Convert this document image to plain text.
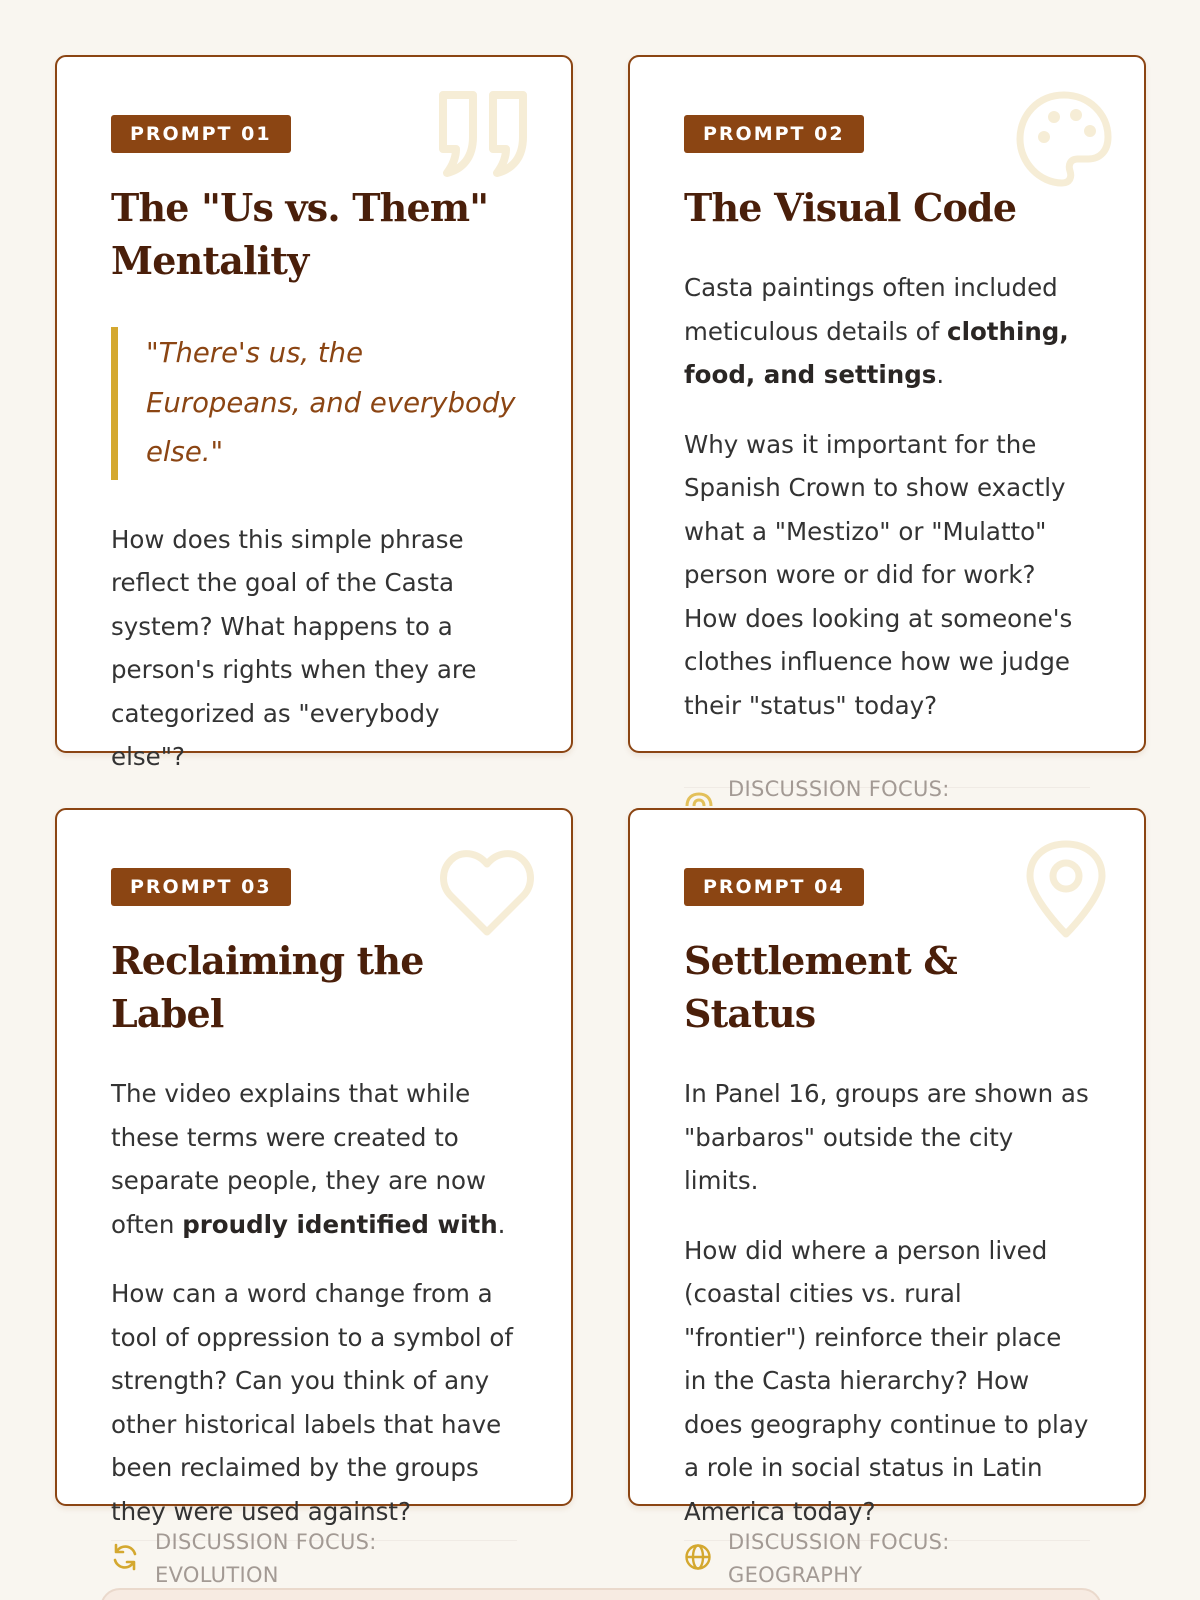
PROMPT 01
The "Us vs. Them" Mentality
"There's us, the Europeans, and everybody else."
How does this simple phrase reflect the goal of the Casta system? What happens to a person's rights when they are categorized as "everybody else"?
PROMPT 02
The Visual Code
Casta paintings often included meticulous details of clothing, food, and settings.
Why was it important for the Spanish Crown to show exactly what a "Mestizo" or "Mulatto" person wore or did for work? How does looking at someone's clothes influence how we judge their "status" today?
DISCUSSION FOCUS:
PROMPT 03
Reclaiming the Label
The video explains that while these terms were created to separate people, they are now often proudly identified with.
How can a word change from a tool of oppression to a symbol of strength? Can you think of any other historical labels that have been reclaimed by the groups they were used against?
DISCUSSION FOCUS:
EVOLUTION
PROMPT 04
Settlement & Status
In Panel 16, groups are shown as "barbaros" outside the city limits.
How did where a person lived (coastal cities vs. rural "frontier") reinforce their place in the Casta hierarchy? How does geography continue to play a role in social status in Latin America today?
DISCUSSION FOCUS:
GEOGRAPHY
